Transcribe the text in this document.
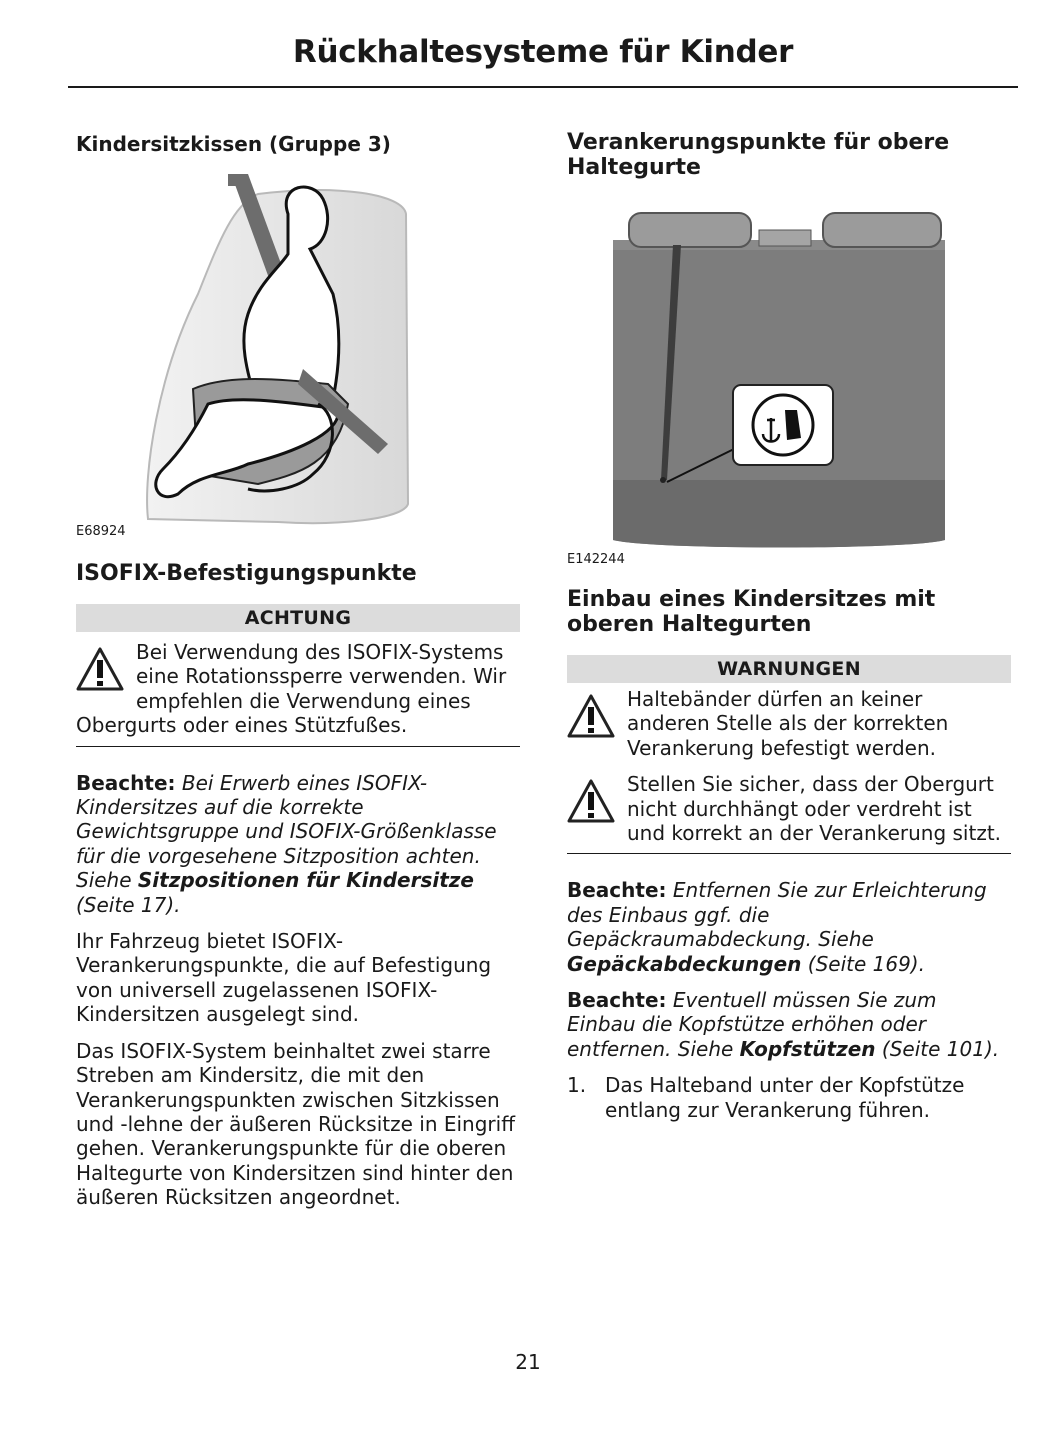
Rückhaltesysteme für Kinder

Kindersitzkissen (Gruppe 3)

E68924

ISOFIX-Befestigungspunkte

ACHTUNG
Bei Verwendung des ISOFIX-Systems eine Rotationssperre verwenden. Wir empfehlen die Verwendung eines Obergurts oder eines Stützfußes.

Beachte: Bei Erwerb eines ISOFIX-Kindersitzes auf die korrekte Gewichtsgruppe und ISOFIX-Größenklasse für die vorgesehene Sitzposition achten. Siehe Sitzpositionen für Kindersitze (Seite 17).

Ihr Fahrzeug bietet ISOFIX-Verankerungspunkte, die auf Befestigung von universell zugelassenen ISOFIX-Kindersitzen ausgelegt sind.

Das ISOFIX-System beinhaltet zwei starre Streben am Kindersitz, die mit den Verankerungspunkten zwischen Sitzkissen und -lehne der äußeren Rücksitze in Eingriff gehen. Verankerungspunkte für die oberen Haltegurte von Kindersitzen sind hinter den äußeren Rücksitzen angeordnet.

Verankerungspunkte für obere Haltegurte

E142244

Einbau eines Kindersitzes mit oberen Haltegurten

WARNUNGEN
Haltebänder dürfen an keiner anderen Stelle als der korrekten Verankerung befestigt werden.
Stellen Sie sicher, dass der Obergurt nicht durchhängt oder verdreht ist und korrekt an der Verankerung sitzt.

Beachte: Entfernen Sie zur Erleichterung des Einbaus ggf. die Gepäckraumabdeckung. Siehe Gepäckabdeckungen (Seite 169).

Beachte: Eventuell müssen Sie zum Einbau die Kopfstütze erhöhen oder entfernen. Siehe Kopfstützen (Seite 101).

1. Das Halteband unter der Kopfstütze entlang zur Verankerung führen.
21
